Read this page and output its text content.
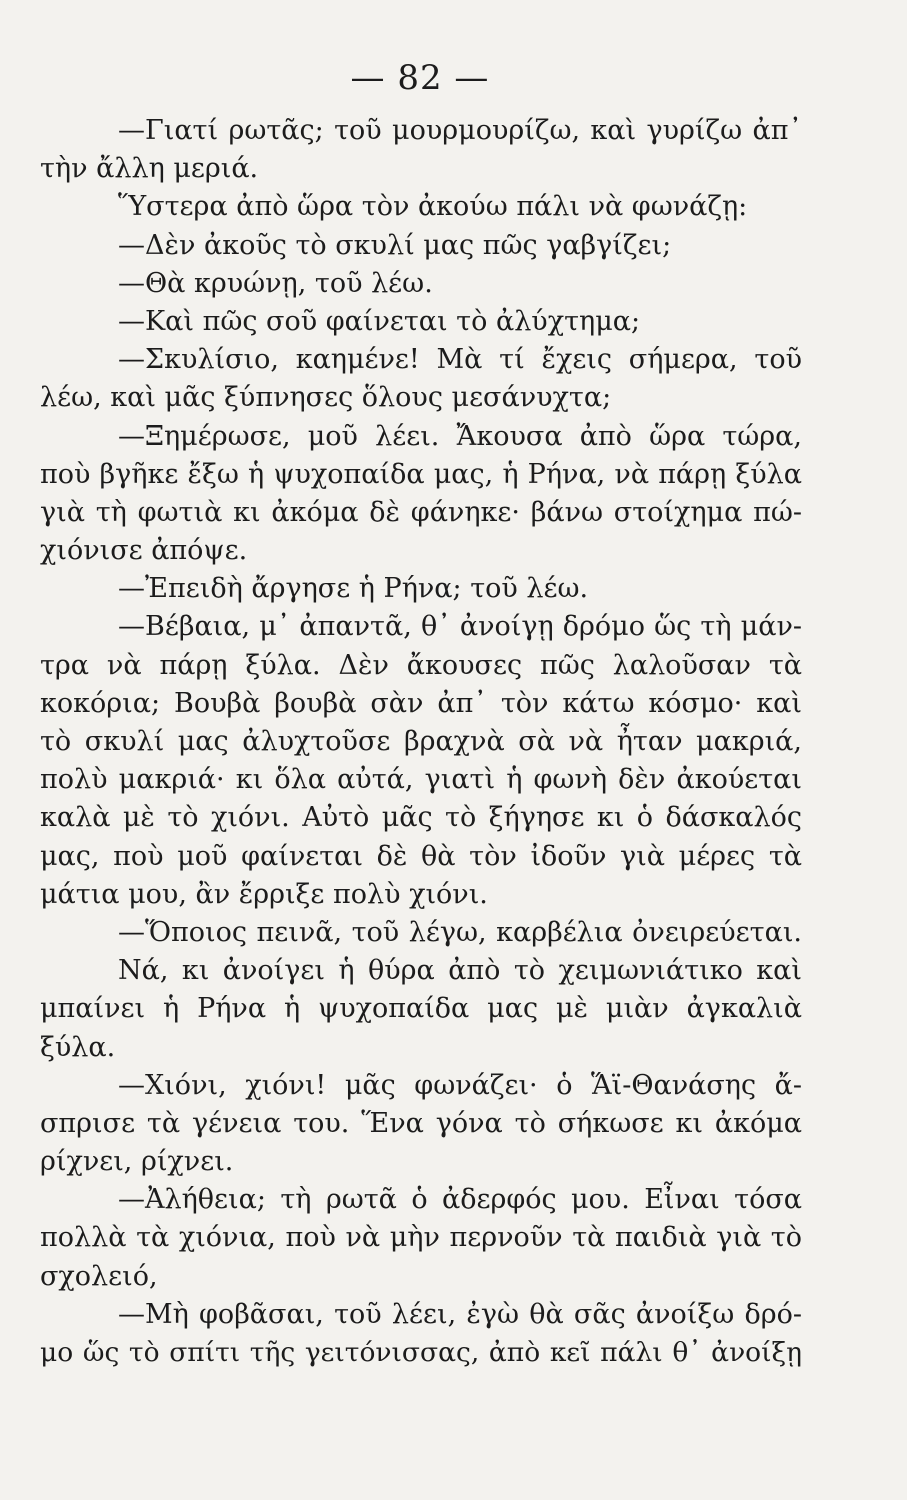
— 82 —
—Γιατί ρωτᾶς; τοῦ μουρμουρίζω, καὶ γυρίζω ἀπ᾽
τὴν ἄλλη μεριά.
Ὕστερα ἀπὸ ὥρα τὸν ἀκούω πάλι νὰ φωνάζῃ:
—Δὲν ἀκοῦς τὸ σκυλί μας πῶς γαβγίζει;
—Θὰ κρυώνῃ, τοῦ λέω.
—Καὶ πῶς σοῦ φαίνεται τὸ ἀλύχτημα;
—Σκυλίσιο, καημένε! Μὰ τί ἔχεις σήμερα, τοῦ
λέω, καὶ μᾶς ξύπνησες ὅλους μεσάνυχτα;
—Ξημέρωσε, μοῦ λέει. Ἄκουσα ἀπὸ ὥρα τώρα,
ποὺ βγῆκε ἔξω ἡ ψυχοπαίδα μας, ἡ Ρήνα, νὰ πάρῃ ξύλα
γιὰ τὴ φωτιὰ κι ἀκόμα δὲ φάνηκε· βάνω στοίχημα πώ-
χιόνισε ἀπόψε.
—Ἐπειδὴ ἄργησε ἡ Ρήνα; τοῦ λέω.
—Βέβαια, μ᾽ ἀπαντᾶ, θ᾽ ἀνοίγῃ δρόμο ὥς τὴ μάν-
τρα νὰ πάρῃ ξύλα. Δὲν ἄκουσες πῶς λαλοῦσαν τὰ
κοκόρια; Βουβὰ βουβὰ σὰν ἀπ᾽ τὸν κάτω κόσμο· καὶ
τὸ σκυλί μας ἀλυχτοῦσε βραχνὰ σὰ νὰ ἦταν μακριά,
πολὺ μακριά· κι ὅλα αὐτά, γιατὶ ἡ φωνὴ δὲν ἀκούεται
καλὰ μὲ τὸ χιόνι. Αὐτὸ μᾶς τὸ ξήγησε κι ὁ δάσκαλός
μας, ποὺ μοῦ φαίνεται δὲ θὰ τὸν ἰδοῦν γιὰ μέρες τὰ
μάτια μου, ἂν ἔρριξε πολὺ χιόνι.
—Ὅποιος πεινᾶ, τοῦ λέγω, καρβέλια ὀνειρεύεται.
Νά, κι ἀνοίγει ἡ θύρα ἀπὸ τὸ χειμωνιάτικο καὶ
μπαίνει ἡ Ρήνα ἡ ψυχοπαίδα μας μὲ μιὰν ἀγκαλιὰ
ξύλα.
—Χιόνι, χιόνι! μᾶς φωνάζει· ὁ Ἅϊ-Θανάσης ἄ-
σπρισε τὰ γένεια του. Ἕνα γόνα τὸ σήκωσε κι ἀκόμα
ρίχνει, ρίχνει.
—Ἀλήθεια; τὴ ρωτᾶ ὁ ἀδερφός μου. Εἶναι τόσα
πολλὰ τὰ χιόνια, ποὺ νὰ μὴν περνοῦν τὰ παιδιὰ γιὰ τὸ
σχολειό,
—Μὴ φοβᾶσαι, τοῦ λέει, ἐγὼ θὰ σᾶς ἀνοίξω δρό-
μο ὥς τὸ σπίτι τῆς γειτόνισσας, ἀπὸ κεῖ πάλι θ᾽ ἀνοίξῃ
